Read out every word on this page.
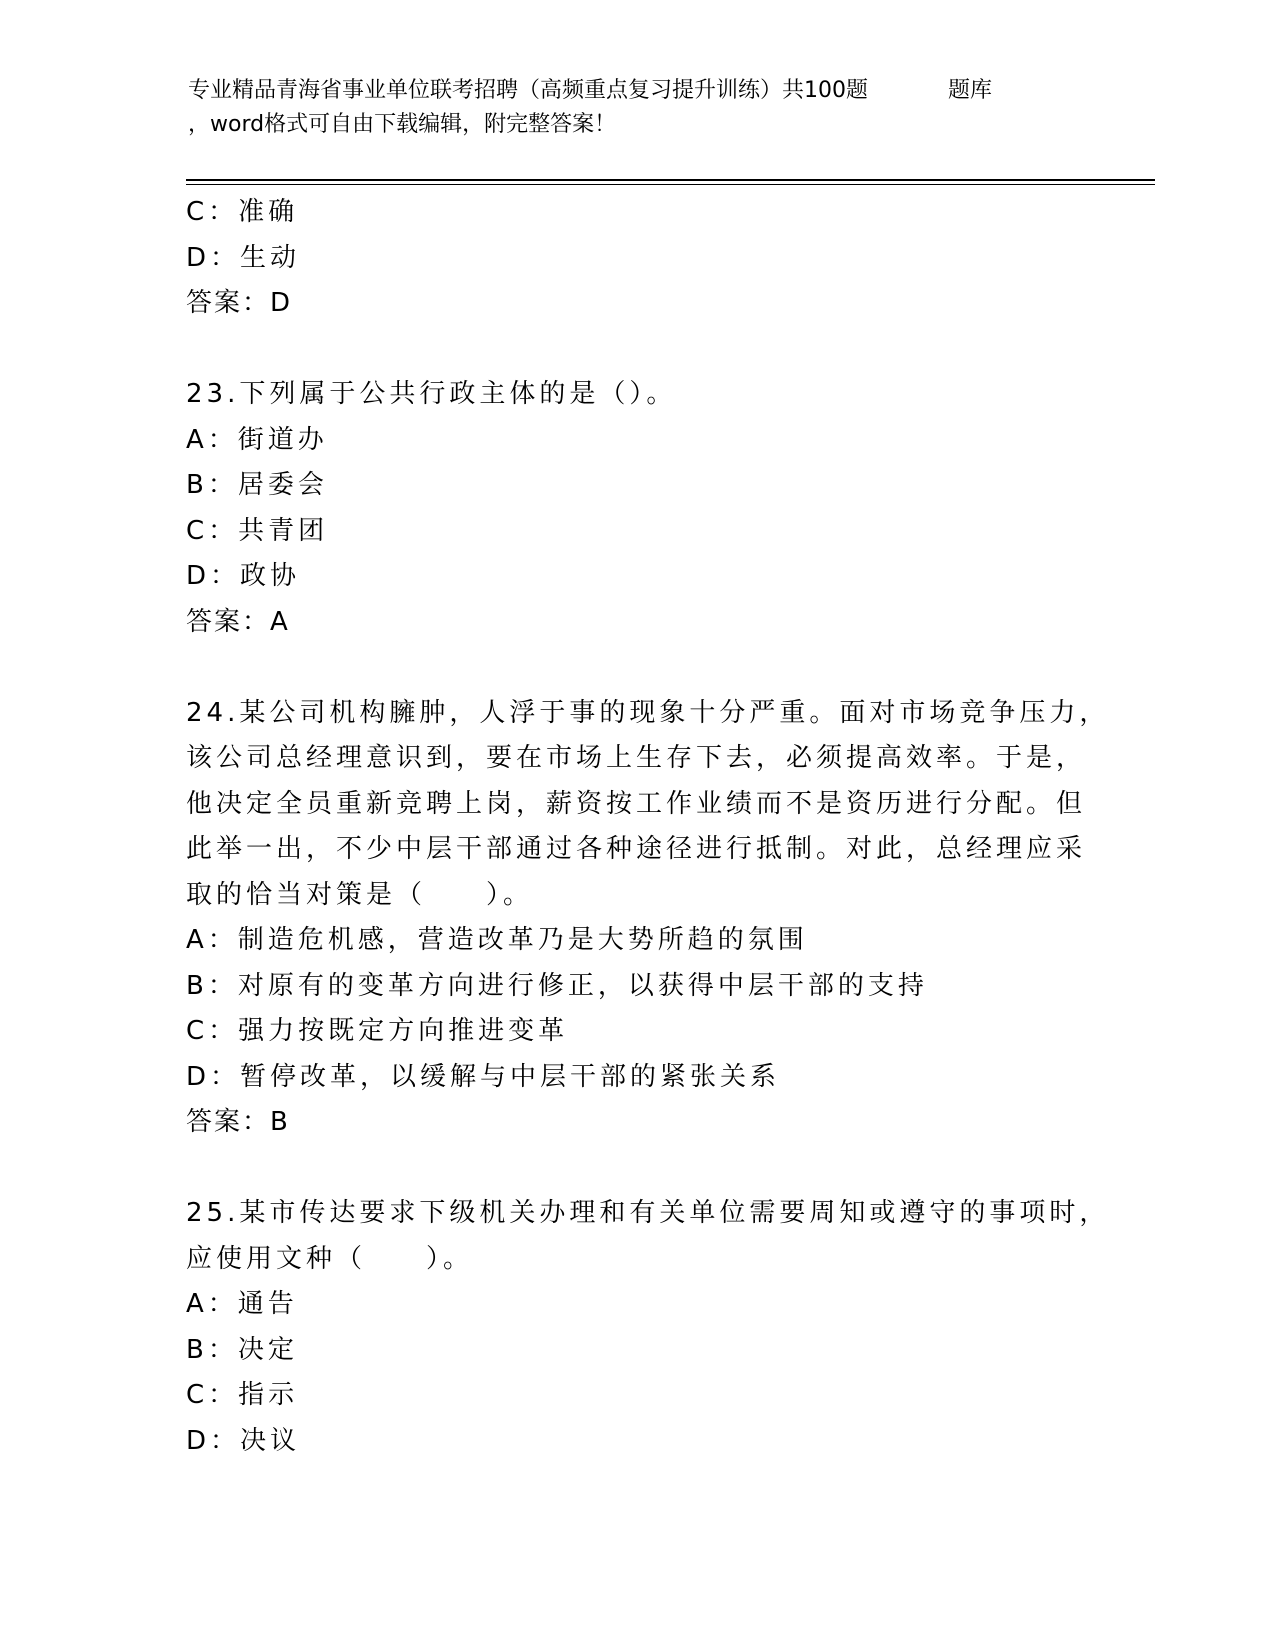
专业精品青海省事业单位联考招聘（高频重点复习提升训练）共100题	题库
，word格式可自由下载编辑，附完整答案！
C：准确
D：生动
答案：D
23.下列属于公共行政主体的是（）。
A：街道办
B：居委会
C：共青团
D：政协
答案：A
24.某公司机构臃肿，人浮于事的现象十分严重。面对市场竞争压力，
该公司总经理意识到，要在市场上生存下去，必须提高效率。于是，
他决定全员重新竞聘上岗，薪资按工作业绩而不是资历进行分配。但
此举一出，不少中层干部通过各种途径进行抵制。对此，总经理应采
取的恰当对策是（　　）。
A：制造危机感，营造改革乃是大势所趋的氛围
B：对原有的变革方向进行修正，以获得中层干部的支持
C：强力按既定方向推进变革
D：暂停改革，以缓解与中层干部的紧张关系
答案：B
25.某市传达要求下级机关办理和有关单位需要周知或遵守的事项时，
应使用文种（　　）。
A：通告
B：决定
C：指示
D：决议
